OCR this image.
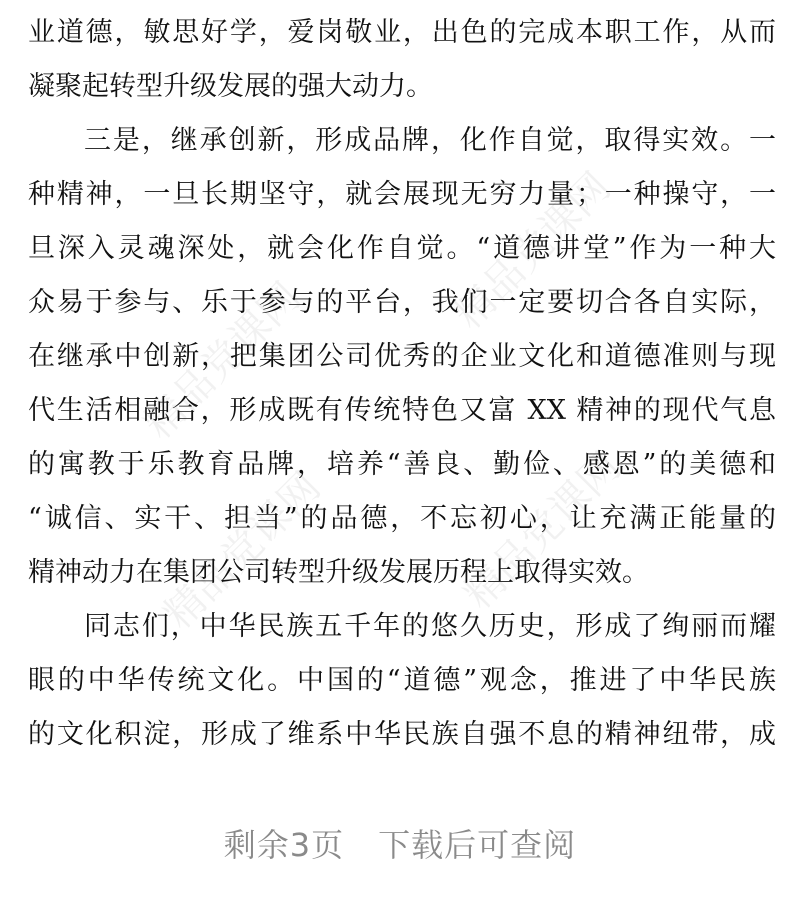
精品党课网
精品党课网
精品党课网	精品党课网
业道德，敏思好学，爱岗敬业，出色的完成本职工作，从而
凝聚起转型升级发展的强大动力。
三是，继承创新，形成品牌，化作自觉，取得实效。一
种精神，一旦长期坚守，就会展现无穷力量；一种操守，一
旦深入灵魂深处，就会化作自觉。“道德讲堂”作为一种大
众易于参与、乐于参与的平台，我们一定要切合各自实际，
在继承中创新，把集团公司优秀的企业文化和道德准则与现
代生活相融合，形成既有传统特色又富 XX 精神的现代气息
的寓教于乐教育品牌，培养“善良、勤俭、感恩”的美德和
“诚信、实干、担当”的品德，不忘初心，让充满正能量的
精神动力在集团公司转型升级发展历程上取得实效。
同志们，中华民族五千年的悠久历史，形成了绚丽而耀
眼的中华传统文化。中国的“道德”观念，推进了中华民族
的文化积淀，形成了维系中华民族自强不息的精神纽带，成
剩余3页 下载后可查阅
